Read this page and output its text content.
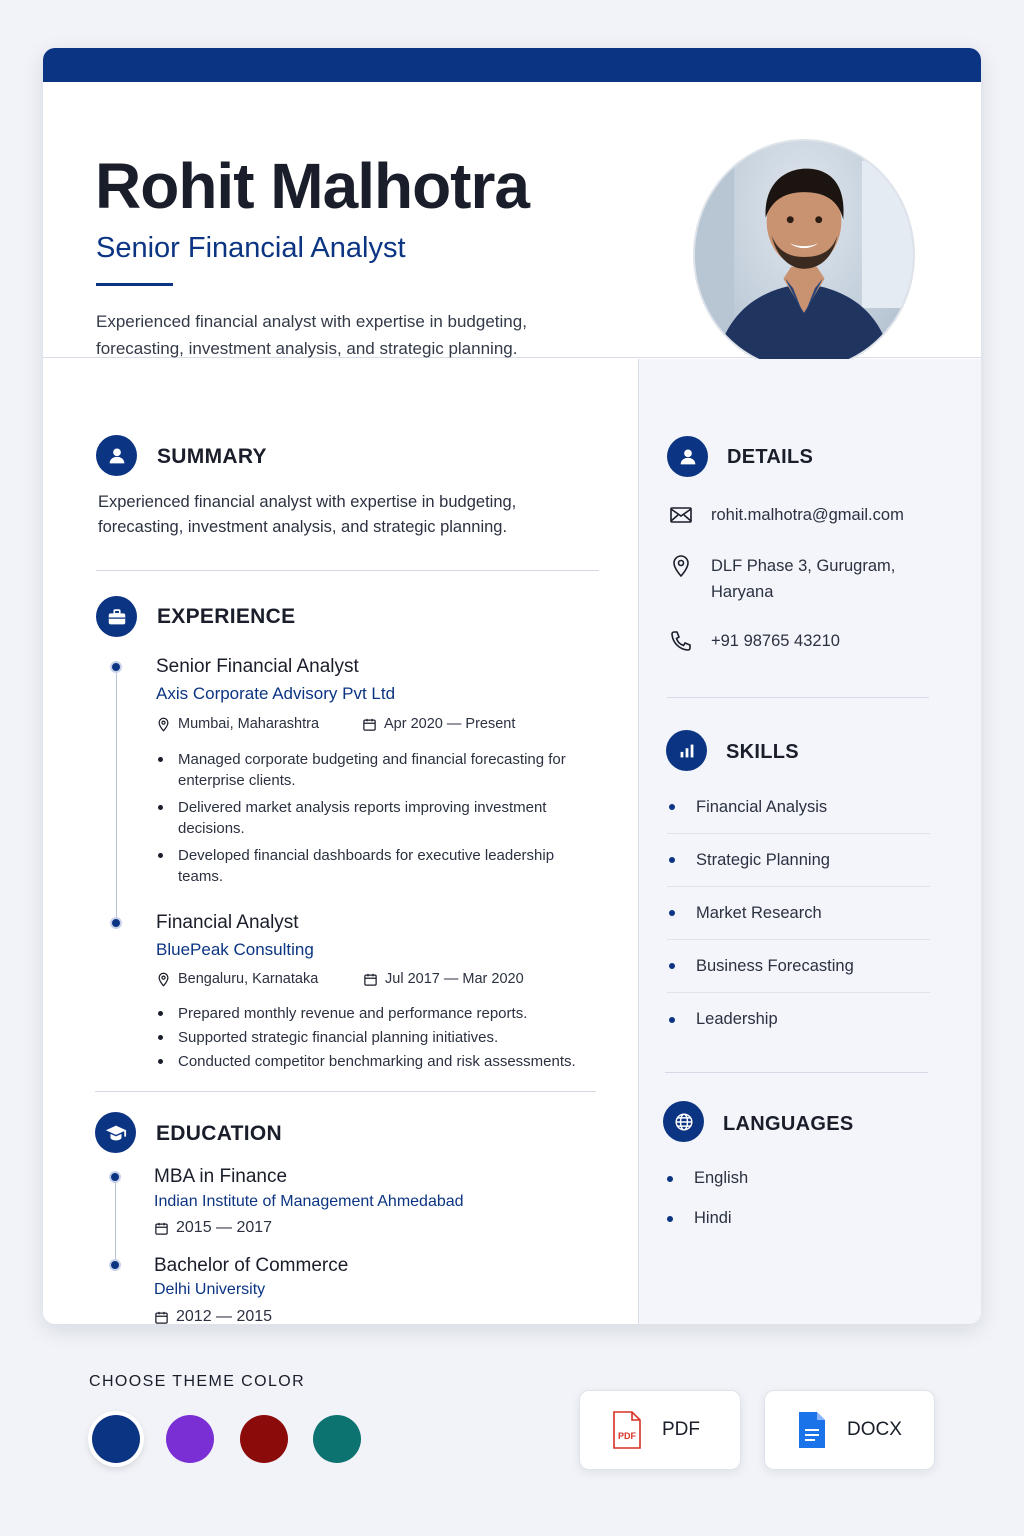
Rohit Malhotra
Senior Financial Analyst
Experienced financial analyst with expertise in budgeting,
forecasting, investment analysis, and strategic planning.
SUMMARY
Experienced financial analyst with expertise in budgeting,
forecasting, investment analysis, and strategic planning.
EXPERIENCE
Senior Financial Analyst
Axis Corporate Advisory Pvt Ltd
Mumbai, Maharashtra	Apr 2020 — Present
Managed corporate budgeting and financial forecasting for enterprise clients.
Delivered market analysis reports improving investment decisions.
Developed financial dashboards for executive leadership teams.
Financial Analyst
BluePeak Consulting
Bengaluru, Karnataka	Jul 2017 — Mar 2020
Prepared monthly revenue and performance reports.
Supported strategic financial planning initiatives.
Conducted competitor benchmarking and risk assessments.
EDUCATION
MBA in Finance
Indian Institute of Management Ahmedabad
2015 — 2017
Bachelor of Commerce
Delhi University
2012 — 2015
DETAILS
rohit.malhotra@gmail.com
DLF Phase 3, Gurugram,
Haryana
+91 98765 43210
SKILLS
Financial Analysis
Strategic Planning
Market Research
Business Forecasting
Leadership
LANGUAGES
English
Hindi
CHOOSE THEME COLOR
PDF PDF	DOCX
